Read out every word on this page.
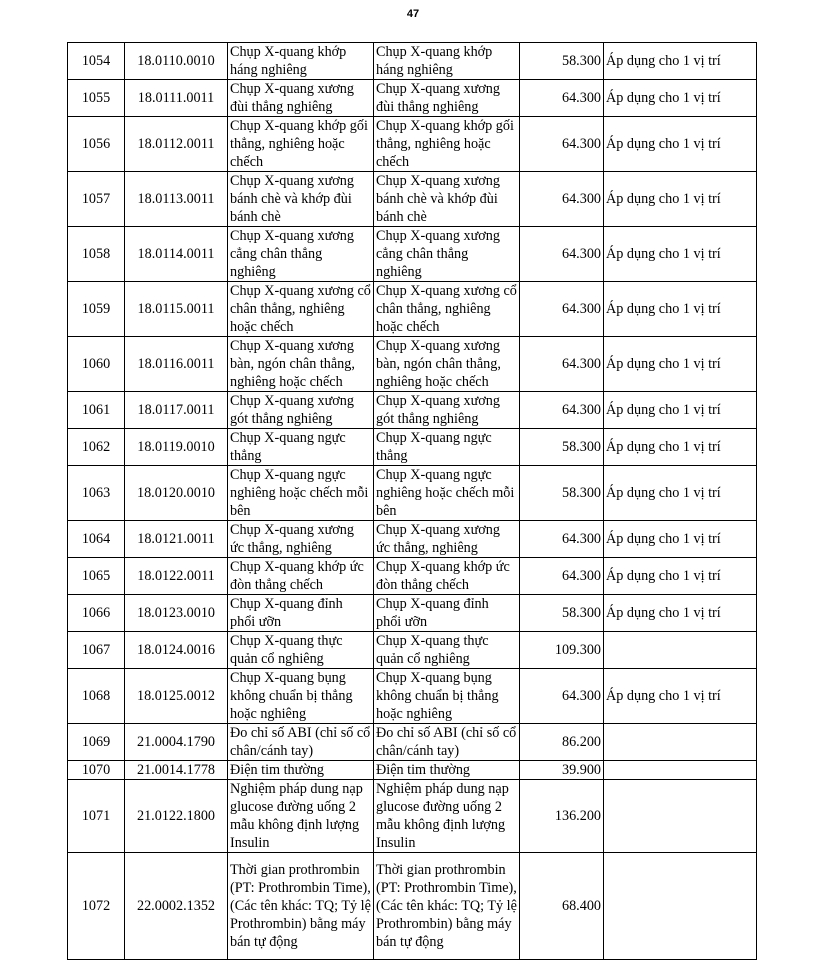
47
1054	18.0110.0010	Chụp X-quang khớp háng nghiêng	Chụp X-quang khớp háng nghiêng	58.300	Áp dụng cho 1 vị trí
1055	18.0111.0011	Chụp X-quang xương đùi thẳng nghiêng	Chụp X-quang xương đùi thẳng nghiêng	64.300	Áp dụng cho 1 vị trí
1056	18.0112.0011	Chụp X-quang khớp gối thẳng, nghiêng hoặc chếch	Chụp X-quang khớp gối thẳng, nghiêng hoặc chếch	64.300	Áp dụng cho 1 vị trí
1057	18.0113.0011	Chụp X-quang xương bánh chè và khớp đùi bánh chè	Chụp X-quang xương bánh chè và khớp đùi bánh chè	64.300	Áp dụng cho 1 vị trí
1058	18.0114.0011	Chụp X-quang xương cẳng chân thẳng nghiêng	Chụp X-quang xương cẳng chân thẳng nghiêng	64.300	Áp dụng cho 1 vị trí
1059	18.0115.0011	Chụp X-quang xương cổ chân thẳng, nghiêng hoặc chếch	Chụp X-quang xương cổ chân thẳng, nghiêng hoặc chếch	64.300	Áp dụng cho 1 vị trí
1060	18.0116.0011	Chụp X-quang xương bàn, ngón chân thẳng, nghiêng hoặc chếch	Chụp X-quang xương bàn, ngón chân thẳng, nghiêng hoặc chếch	64.300	Áp dụng cho 1 vị trí
1061	18.0117.0011	Chụp X-quang xương gót thẳng nghiêng	Chụp X-quang xương gót thẳng nghiêng	64.300	Áp dụng cho 1 vị trí
1062	18.0119.0010	Chụp X-quang ngực thẳng	Chụp X-quang ngực thẳng	58.300	Áp dụng cho 1 vị trí
1063	18.0120.0010	Chụp X-quang ngực nghiêng hoặc chếch mỗi bên	Chụp X-quang ngực nghiêng hoặc chếch mỗi bên	58.300	Áp dụng cho 1 vị trí
1064	18.0121.0011	Chụp X-quang xương ức thẳng, nghiêng	Chụp X-quang xương ức thẳng, nghiêng	64.300	Áp dụng cho 1 vị trí
1065	18.0122.0011	Chụp X-quang khớp ức đòn thẳng chếch	Chụp X-quang khớp ức đòn thẳng chếch	64.300	Áp dụng cho 1 vị trí
1066	18.0123.0010	Chụp X-quang đỉnh phổi ưỡn	Chụp X-quang đỉnh phổi ưỡn	58.300	Áp dụng cho 1 vị trí
1067	18.0124.0016	Chụp X-quang thực quản cổ nghiêng	Chụp X-quang thực quản cổ nghiêng	109.300	
1068	18.0125.0012	Chụp X-quang bụng không chuẩn bị thẳng hoặc nghiêng	Chụp X-quang bụng không chuẩn bị thẳng hoặc nghiêng	64.300	Áp dụng cho 1 vị trí
1069	21.0004.1790	Đo chỉ số ABI (chỉ số cổ chân/cánh tay)	Đo chỉ số ABI (chỉ số cổ chân/cánh tay)	86.200	
1070	21.0014.1778	Điện tim thường	Điện tim thường	39.900	
1071	21.0122.1800	Nghiệm pháp dung nạp glucose đường uống 2 mẫu không định lượng Insulin	Nghiệm pháp dung nạp glucose đường uống 2 mẫu không định lượng Insulin	136.200	
1072	22.0002.1352	Thời gian prothrombin (PT: Prothrombin Time), (Các tên khác: TQ; Tỷ lệ Prothrombin) bằng máy bán tự động	Thời gian prothrombin (PT: Prothrombin Time), (Các tên khác: TQ; Tỷ lệ Prothrombin) bằng máy bán tự động	68.400	
